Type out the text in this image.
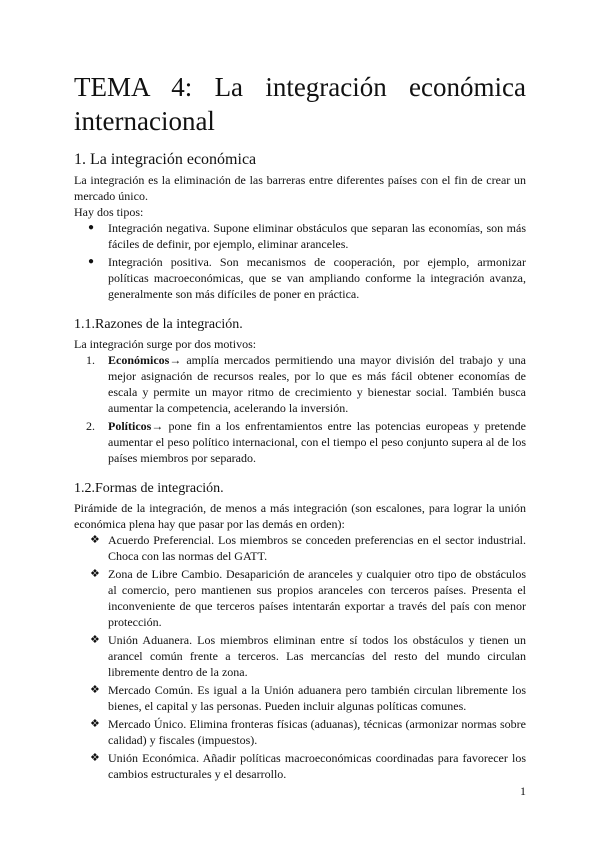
TEMA 4: La integración económica internacional
1. La integración económica

La integración es la eliminación de las barreras entre diferentes países con el fin de crear un mercado único.

Hay dos tipos:

● Integración negativa. Supone eliminar obstáculos que separan las economías, son más fáciles de definir, por ejemplo, eliminar aranceles.
● Integración positiva. Son mecanismos de cooperación, por ejemplo, armonizar políticas macroeconómicas, que se van ampliando conforme la integración avanza, generalmente son más difíciles de poner en práctica.
1.1.Razones de la integración.

La integración surge por dos motivos:

1. Económicos→ amplía mercados permitiendo una mayor división del trabajo y una mejor asignación de recursos reales, por lo que es más fácil obtener economías de escala y permite un mayor ritmo de crecimiento y bienestar social. También busca aumentar la competencia, acelerando la inversión.
2. Políticos→ pone fin a los enfrentamientos entre las potencias europeas y pretende aumentar el peso político internacional, con el tiempo el peso conjunto supera al de los países miembros por separado.
1.2.Formas de integración.

Pirámide de la integración, de menos a más integración (son escalones, para lograr la unión económica plena hay que pasar por las demás en orden):

❖ Acuerdo Preferencial. Los miembros se conceden preferencias en el sector industrial. Choca con las normas del GATT.
❖ Zona de Libre Cambio. Desaparición de aranceles y cualquier otro tipo de obstáculos al comercio, pero mantienen sus propios aranceles con terceros países. Presenta el inconveniente de que terceros países intentarán exportar a través del país con menor protección.
❖ Unión Aduanera. Los miembros eliminan entre sí todos los obstáculos y tienen un arancel común frente a terceros. Las mercancías del resto del mundo circulan libremente dentro de la zona.
❖ Mercado Común. Es igual a la Unión aduanera pero también circulan libremente los bienes, el capital y las personas. Pueden incluir algunas políticas comunes.
❖ Mercado Único. Elimina fronteras físicas (aduanas), técnicas (armonizar normas sobre calidad) y fiscales (impuestos).
❖ Unión Económica. Añadir políticas macroeconómicas coordinadas para favorecer los cambios estructurales y el desarrollo.
1
